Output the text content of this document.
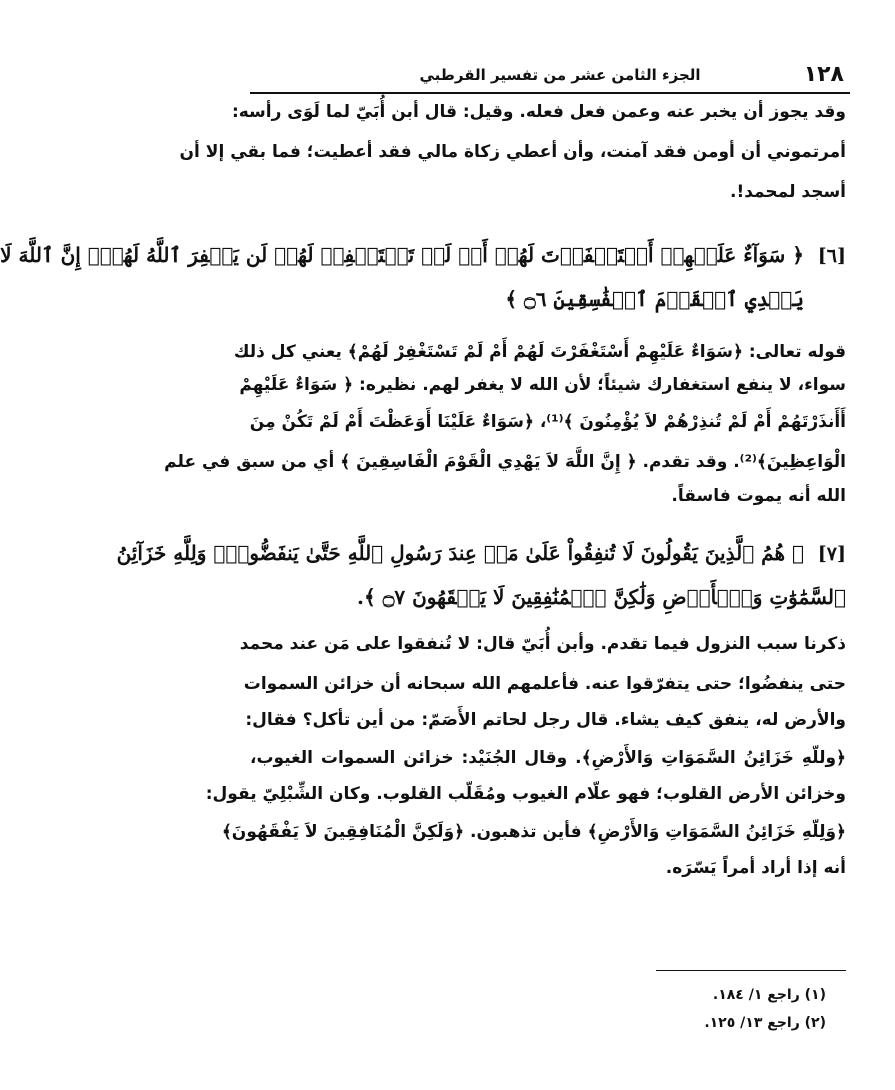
١٢٨
الجزء الثامن عشر من تفسير القرطبي
وقد يجوز أن يخبر عنه وعمن فعل فعله. وقيل: قال أبن أُبَيّ لما لَوَى رأسه:
أمرتموني أن أومن فقد آمنت، وأن أعطي زكاة مالي فقد أعطيت؛ فما بقي إلا أن
أسجد لمحمد!.
[٦]
﴿ سَوَآءٌ عَلَيۡهِمۡ أَسۡتَغۡفَرۡتَ لَهُمۡ أَمۡ لَمۡ تَسۡتَغۡفِرۡ لَهُمۡ لَن يَغۡفِرَ ٱللَّهُ لَهُمۡۚ إِنَّ ٱللَّهَ لَا
يَهۡدِي ٱلۡقَوۡمَ ٱلۡفَٰسِقِينَ ۝٦ ﴾
قوله تعالى: ﴿سَوَاءٌ عَلَيْهِمْ أَسْتَغْفَرْتَ لَهُمْ أَمْ لَمْ تَسْتَغْفِرْ لَهُمْ﴾ يعني كل ذلك
سواء، لا ينفع استغفارك شيئاً؛ لأن الله لا يغفر لهم. نظيره: ﴿ سَوَاءٌ عَلَيْهِمْ
أَأَنذَرْتَهُمْ أَمْ لَمْ تُنذِرْهُمْ لاَ يُؤْمِنُونَ ﴾⁽¹⁾، ﴿سَوَاءٌ عَلَيْنَا أَوَعَظْتَ أَمْ لَمْ تَكُنْ مِنَ
الْوَاعِظِينَ﴾⁽²⁾. وقد تقدم. ﴿ إِنَّ اللَّهَ لاَ يَهْدِي الْقَوْمَ الْفَاسِقِينَ ﴾ أي من سبق في علم
الله أنه يموت فاسقاً.
[٧]
﴿ هُمُ ٱلَّذِينَ يَقُولُونَ لَا تُنفِقُواْ عَلَىٰ مَنۡ عِندَ رَسُولِ ٱللَّهِ حَتَّىٰ يَنفَضُّواْۗ وَلِلَّهِ خَزَآئِنُ
ٱلسَّمَٰوَٰتِ وَٱلۡأَرۡضِ وَلَٰكِنَّ ٱلۡمُنَٰفِقِينَ لَا يَفۡقَهُونَ ۝٧ ﴾.
ذكرنا سبب النزول فيما تقدم. وأبن أُبَيّ قال: لا تُنفقوا على مَن عند محمد
حتى ينفضُوا؛ حتى يتفرّقوا عنه. فأعلمهم الله سبحانه أن خزائن السموات
والأرض له، ينفق كيف يشاء. قال رجل لحاتم الأَصَمّ: من أين تأكل؟ فقال:
﴿وللّهِ خَزَائِنُ السَّمَوَاتِ وَالأَرْضِ﴾. وقال الجُنَيْد: خزائن السموات الغيوب،
وخزائن الأرض القلوب؛ فهو علّام الغيوب ومُقَلّب القلوب. وكان الشِّبْلِيّ يقول:
﴿وَلِلّهِ خَزَائِنُ السَّمَوَاتِ وَالأَرْضِ﴾ فأين تذهبون. ﴿وَلَكِنَّ الْمُنَافِقِينَ لاَ يَفْقَهُونَ﴾
أنه إذا أراد أمراً يَسّرَه.
(١) راجع ١/ ١٨٤.
(٢) راجع ١٣/ ١٢٥.
